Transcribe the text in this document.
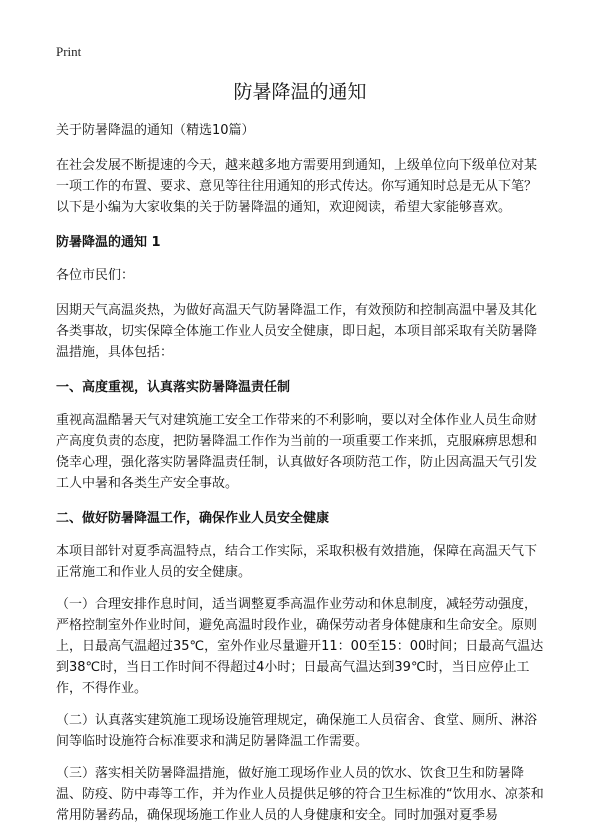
Print
防暑降温的通知

关于防暑降温的通知（精选10篇）

在社会发展不断提速的今天，越来越多地方需要用到通知，上级单位向下级单位对某一项工作的布置、要求、意见等往往用通知的形式传达。你写通知时总是无从下笔？以下是小编为大家收集的关于防暑降温的通知，欢迎阅读，希望大家能够喜欢。

防暑降温的通知 1

各位市民们：

因期天气高温炎热，为做好高温天气防暑降温工作，有效预防和控制高温中暑及其化各类事故，切实保障全体施工作业人员安全健康，即日起，本项目部采取有关防暑降温措施，具体包括：

一、高度重视，认真落实防暑降温责任制

重视高温酷暑天气对建筑施工安全工作带来的不利影响，要以对全体作业人员生命财产高度负责的态度，把防暑降温工作作为当前的一项重要工作来抓，克服麻痹思想和侥幸心理，强化落实防暑降温责任制，认真做好各项防范工作，防止因高温天气引发工人中暑和各类生产安全事故。

二、做好防暑降温工作，确保作业人员安全健康

本项目部针对夏季高温特点，结合工作实际，采取积极有效措施，保障在高温天气下正常施工和作业人员的安全健康。

（一）合理安排作息时间，适当调整夏季高温作业劳动和休息制度，减轻劳动强度，严格控制室外作业时间，避免高温时段作业，确保劳动者身体健康和生命安全。原则上，日最高气温超过35℃，室外作业尽量避开11：00至15：00时间；日最高气温达到38℃时，当日工作时间不得超过4小时；日最高气温达到39℃时，当日应停止工作，不得作业。

（二）认真落实建筑施工现场设施管理规定，确保施工人员宿舍、食堂、厕所、淋浴间等临时设施符合标准要求和满足防暑降温工作需要。

（三）落实相关防暑降温措施，做好施工现场作业人员的饮水、饮食卫生和防暑降温、防疫、防中毒等工作，并为作业人员提供足够的符合卫生标准的“饮用水、凉茶和常用防暑药品，确保现场施工作业人员的人身健康和安全。同时加强对夏季易
